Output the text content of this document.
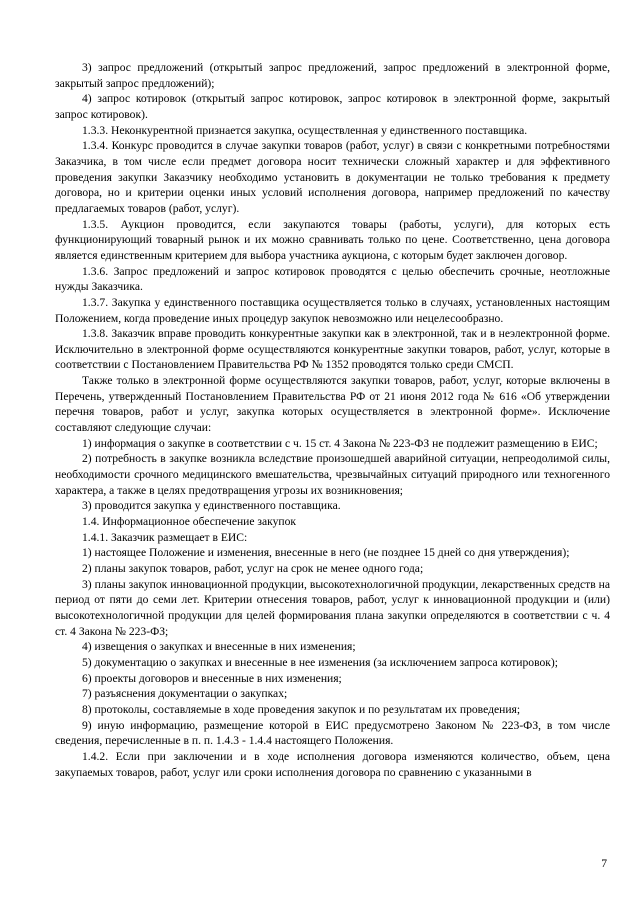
3) запрос предложений (открытый запрос предложений, запрос предложений в электронной форме, закрытый запрос предложений);

4) запрос котировок (открытый запрос котировок, запрос котировок в электронной форме, закрытый запрос котировок).

1.3.3. Неконкурентной признается закупка, осуществленная у единственного поставщика.

1.3.4. Конкурс проводится в случае закупки товаров (работ, услуг) в связи с конкретными потребностями Заказчика, в том числе если предмет договора носит технически сложный характер и для эффективного проведения закупки Заказчику необходимо установить в документации не только требования к предмету договора, но и критерии оценки иных условий исполнения договора, например предложений по качеству предлагаемых товаров (работ, услуг).

1.3.5. Аукцион проводится, если закупаются товары (работы, услуги), для которых есть функционирующий товарный рынок и их можно сравнивать только по цене. Соответственно, цена договора является единственным критерием для выбора участника аукциона, с которым будет заключен договор.

1.3.6. Запрос предложений и запрос котировок проводятся с целью обеспечить срочные, неотложные нужды Заказчика.

1.3.7. Закупка у единственного поставщика осуществляется только в случаях, установленных настоящим Положением, когда проведение иных процедур закупок невозможно или нецелесообразно.

1.3.8. Заказчик вправе проводить конкурентные закупки как в электронной, так и в неэлектронной форме. Исключительно в электронной форме осуществляются конкурентные закупки товаров, работ, услуг, которые в соответствии с Постановлением Правительства РФ № 1352 проводятся только среди СМСП.

Также только в электронной форме осуществляются закупки товаров, работ, услуг, которые включены в Перечень, утвержденный Постановлением Правительства РФ от 21 июня 2012 года № 616 «Об утверждении перечня товаров, работ и услуг, закупка которых осуществляется в электронной форме». Исключение составляют следующие случаи:

1) информация о закупке в соответствии с ч. 15 ст. 4 Закона № 223-ФЗ не подлежит размещению в ЕИС;

2) потребность в закупке возникла вследствие произошедшей аварийной ситуации, непреодолимой силы, необходимости срочного медицинского вмешательства, чрезвычайных ситуаций природного или техногенного характера, а также в целях предотвращения угрозы их возникновения;

3) проводится закупка у единственного поставщика.

1.4. Информационное обеспечение закупок

1.4.1. Заказчик размещает в ЕИС:

1) настоящее Положение и изменения, внесенные в него (не позднее 15 дней со дня утверждения);

2) планы закупок товаров, работ, услуг на срок не менее одного года;

3) планы закупок инновационной продукции, высокотехнологичной продукции, лекарственных средств на период от пяти до семи лет. Критерии отнесения товаров, работ, услуг к инновационной продукции и (или) высокотехнологичной продукции для целей формирования плана закупки определяются в соответствии с ч. 4 ст. 4 Закона № 223-ФЗ;

4) извещения о закупках и внесенные в них изменения;

5) документацию о закупках и внесенные в нее изменения (за исключением запроса котировок);

6) проекты договоров и внесенные в них изменения;

7) разъяснения документации о закупках;

8) протоколы, составляемые в ходе проведения закупок и по результатам их проведения;

9) иную информацию, размещение которой в ЕИС предусмотрено Законом № 223-ФЗ, в том числе сведения, перечисленные в п. п. 1.4.3 - 1.4.4 настоящего Положения.

1.4.2. Если при заключении и в ходе исполнения договора изменяются количество, объем, цена закупаемых товаров, работ, услуг или сроки исполнения договора по сравнению с указанными в

7
